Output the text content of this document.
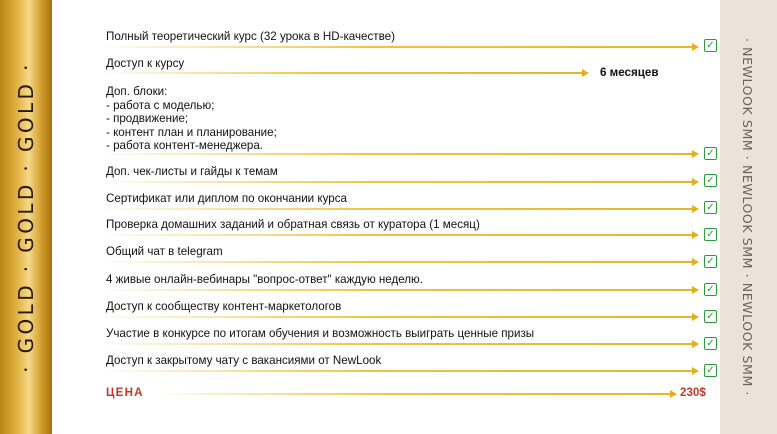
· GOLD · GOLD · GOLD ·
Полный теоретический курс (32 урока в HD-качестве)
✓
Доступ к курсу
6 месяцев
Доп. блоки:
- работа с моделью;
- продвижение;
- контент план и планирование;
- работа контент-менеджера.
✓
Доп. чек-листы и гайды к темам
✓
Сертификат или диплом по окончании курса
✓
Проверка домашних заданий и обратная связь от куратора (1 месяц)
✓
Общий чат в telegram
✓
4 живые онлайн-вебинары "вопрос-ответ" каждую неделю.
✓
Доступ к сообществу контент-маркетологов
✓
Участие в конкурсе по итогам обучения и возможность выиграть ценные призы
✓
Доступ к закрытому чату с вакансиями от NewLook
✓
ЦЕНА	230$	· NEWLOOK SMM · NEWLOOK SMM · NEWLOOK SMM ·
